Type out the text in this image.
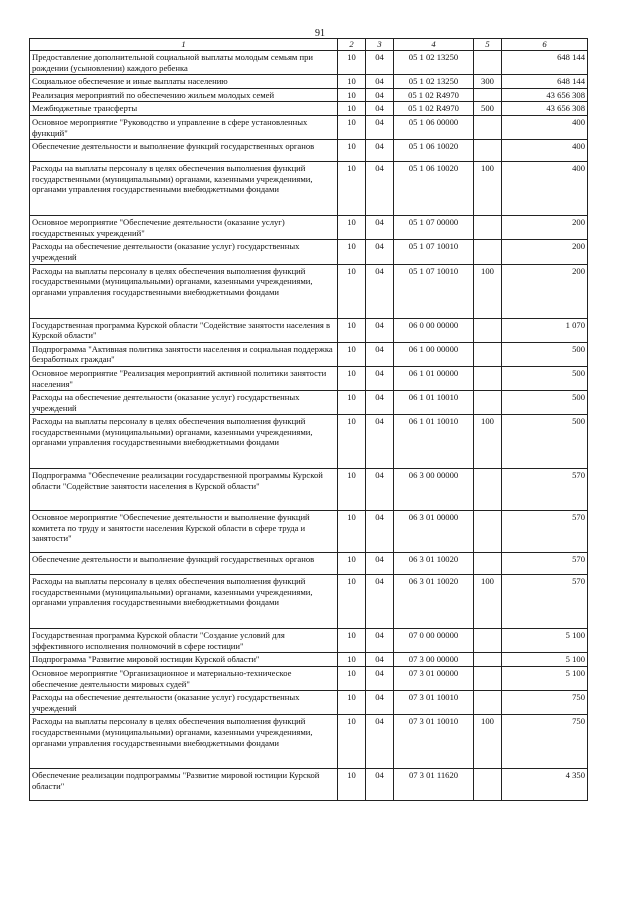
91
1	2	3	4	5	6
Предоставление дополнительной социальной выплаты молодым семьям при рождении (усыновлении) каждого ребенка	10	04	05 1 02 13250		648 144
Социальное обеспечение и иные выплаты населению	10	04	05 1 02 13250	300	648 144
Реализация мероприятий по обеспечению жильем молодых семей	10	04	05 1 02 R4970		43 656 308
Межбюджетные трансферты	10	04	05 1 02 R4970	500	43 656 308
Основное мероприятие "Руководство и управление в сфере установленных функций"	10	04	05 1 06 00000		400
Обеспечение деятельности и выполнение функций государственных органов	10	04	05 1 06 10020		400
Расходы на выплаты персоналу в целях обеспечения выполнения функций государственными (муниципальными) органами, казенными учреждениями, органами управления государственными внебюджетными фондами	10	04	05 1 06 10020	100	400
Основное мероприятие "Обеспечение деятельности (оказание услуг) государственных учреждений"	10	04	05 1 07 00000		200
Расходы на обеспечение деятельности (оказание услуг) государственных учреждений	10	04	05 1 07 10010		200
Расходы на выплаты персоналу в целях обеспечения выполнения функций государственными (муниципальными) органами, казенными учреждениями, органами управления государственными внебюджетными фондами	10	04	05 1 07 10010	100	200
Государственная программа Курской области "Содействие занятости населения в Курской области"	10	04	06 0 00 00000		1 070
Подпрограмма "Активная политика занятости населения и социальная поддержка безработных граждан"	10	04	06 1 00 00000		500
Основное мероприятие "Реализация мероприятий активной политики занятости населения"	10	04	06 1 01 00000		500
Расходы на обеспечение деятельности (оказание услуг) государственных учреждений	10	04	06 1 01 10010		500
Расходы на выплаты персоналу в целях обеспечения выполнения функций государственными (муниципальными) органами, казенными учреждениями, органами управления государственными внебюджетными фондами	10	04	06 1 01 10010	100	500
Подпрограмма "Обеспечение реализации государственной программы Курской области "Содействие занятости населения в Курской области"	10	04	06 3 00 00000		570
Основное мероприятие "Обеспечение деятельности и выполнение функций комитета по труду и занятости населения Курской области в сфере труда и занятости"	10	04	06 3 01 00000		570
Обеспечение деятельности и выполнение функций государственных органов	10	04	06 3 01 10020		570
Расходы на выплаты персоналу в целях обеспечения выполнения функций государственными (муниципальными) органами, казенными учреждениями, органами управления государственными внебюджетными фондами	10	04	06 3 01 10020	100	570
Государственная программа Курской области "Создание условий для эффективного исполнения полномочий в сфере юстиции"	10	04	07 0 00 00000		5 100
Подпрограмма "Развитие мировой юстиции Курской области"	10	04	07 3 00 00000		5 100
Основное мероприятие "Организационное и материально-техническое обеспечение деятельности мировых судей"	10	04	07 3 01 00000		5 100
Расходы на обеспечение деятельности (оказание услуг) государственных учреждений	10	04	07 3 01 10010		750
Расходы на выплаты персоналу в целях обеспечения выполнения функций государственными (муниципальными) органами, казенными учреждениями, органами управления государственными внебюджетными фондами	10	04	07 3 01 10010	100	750
Обеспечение реализации подпрограммы "Развитие мировой юстиции Курской области"	10	04	07 3 01 11620		4 350
